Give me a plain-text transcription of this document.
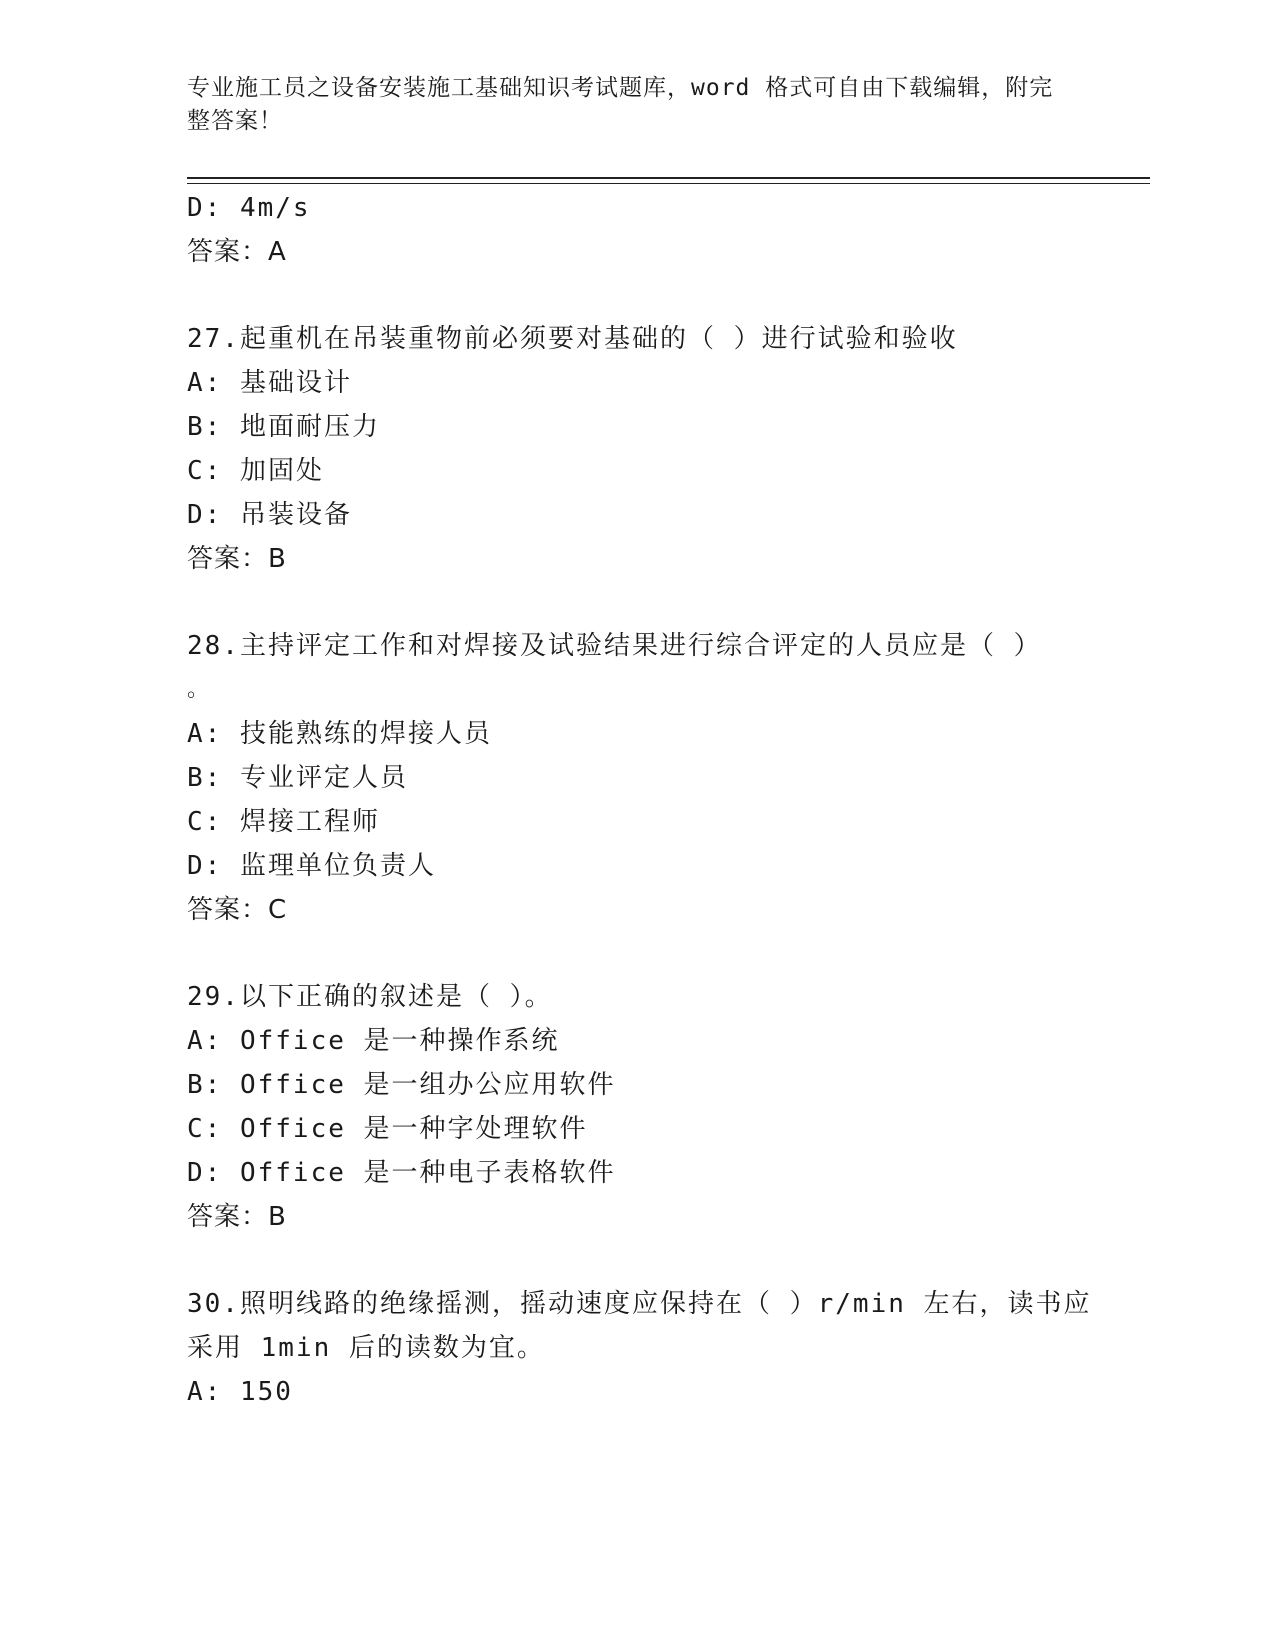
专业施工员之设备安装施工基础知识考试题库，word 格式可自由下载编辑，附完
整答案！
D: 4m/s
答案：A
27.起重机在吊装重物前必须要对基础的（ ）进行试验和验收
A: 基础设计
B: 地面耐压力
C: 加固处
D: 吊装设备
答案：B
28.主持评定工作和对焊接及试验结果进行综合评定的人员应是（ ）
。
A: 技能熟练的焊接人员
B: 专业评定人员
C: 焊接工程师
D: 监理单位负责人
答案：C
29.以下正确的叙述是（ ）。
A: Office 是一种操作系统
B: Office 是一组办公应用软件
C: Office 是一种字处理软件
D: Office 是一种电子表格软件
答案：B
30.照明线路的绝缘摇测，摇动速度应保持在（ ）r/min 左右，读书应
采用 1min 后的读数为宜。
A: 150
